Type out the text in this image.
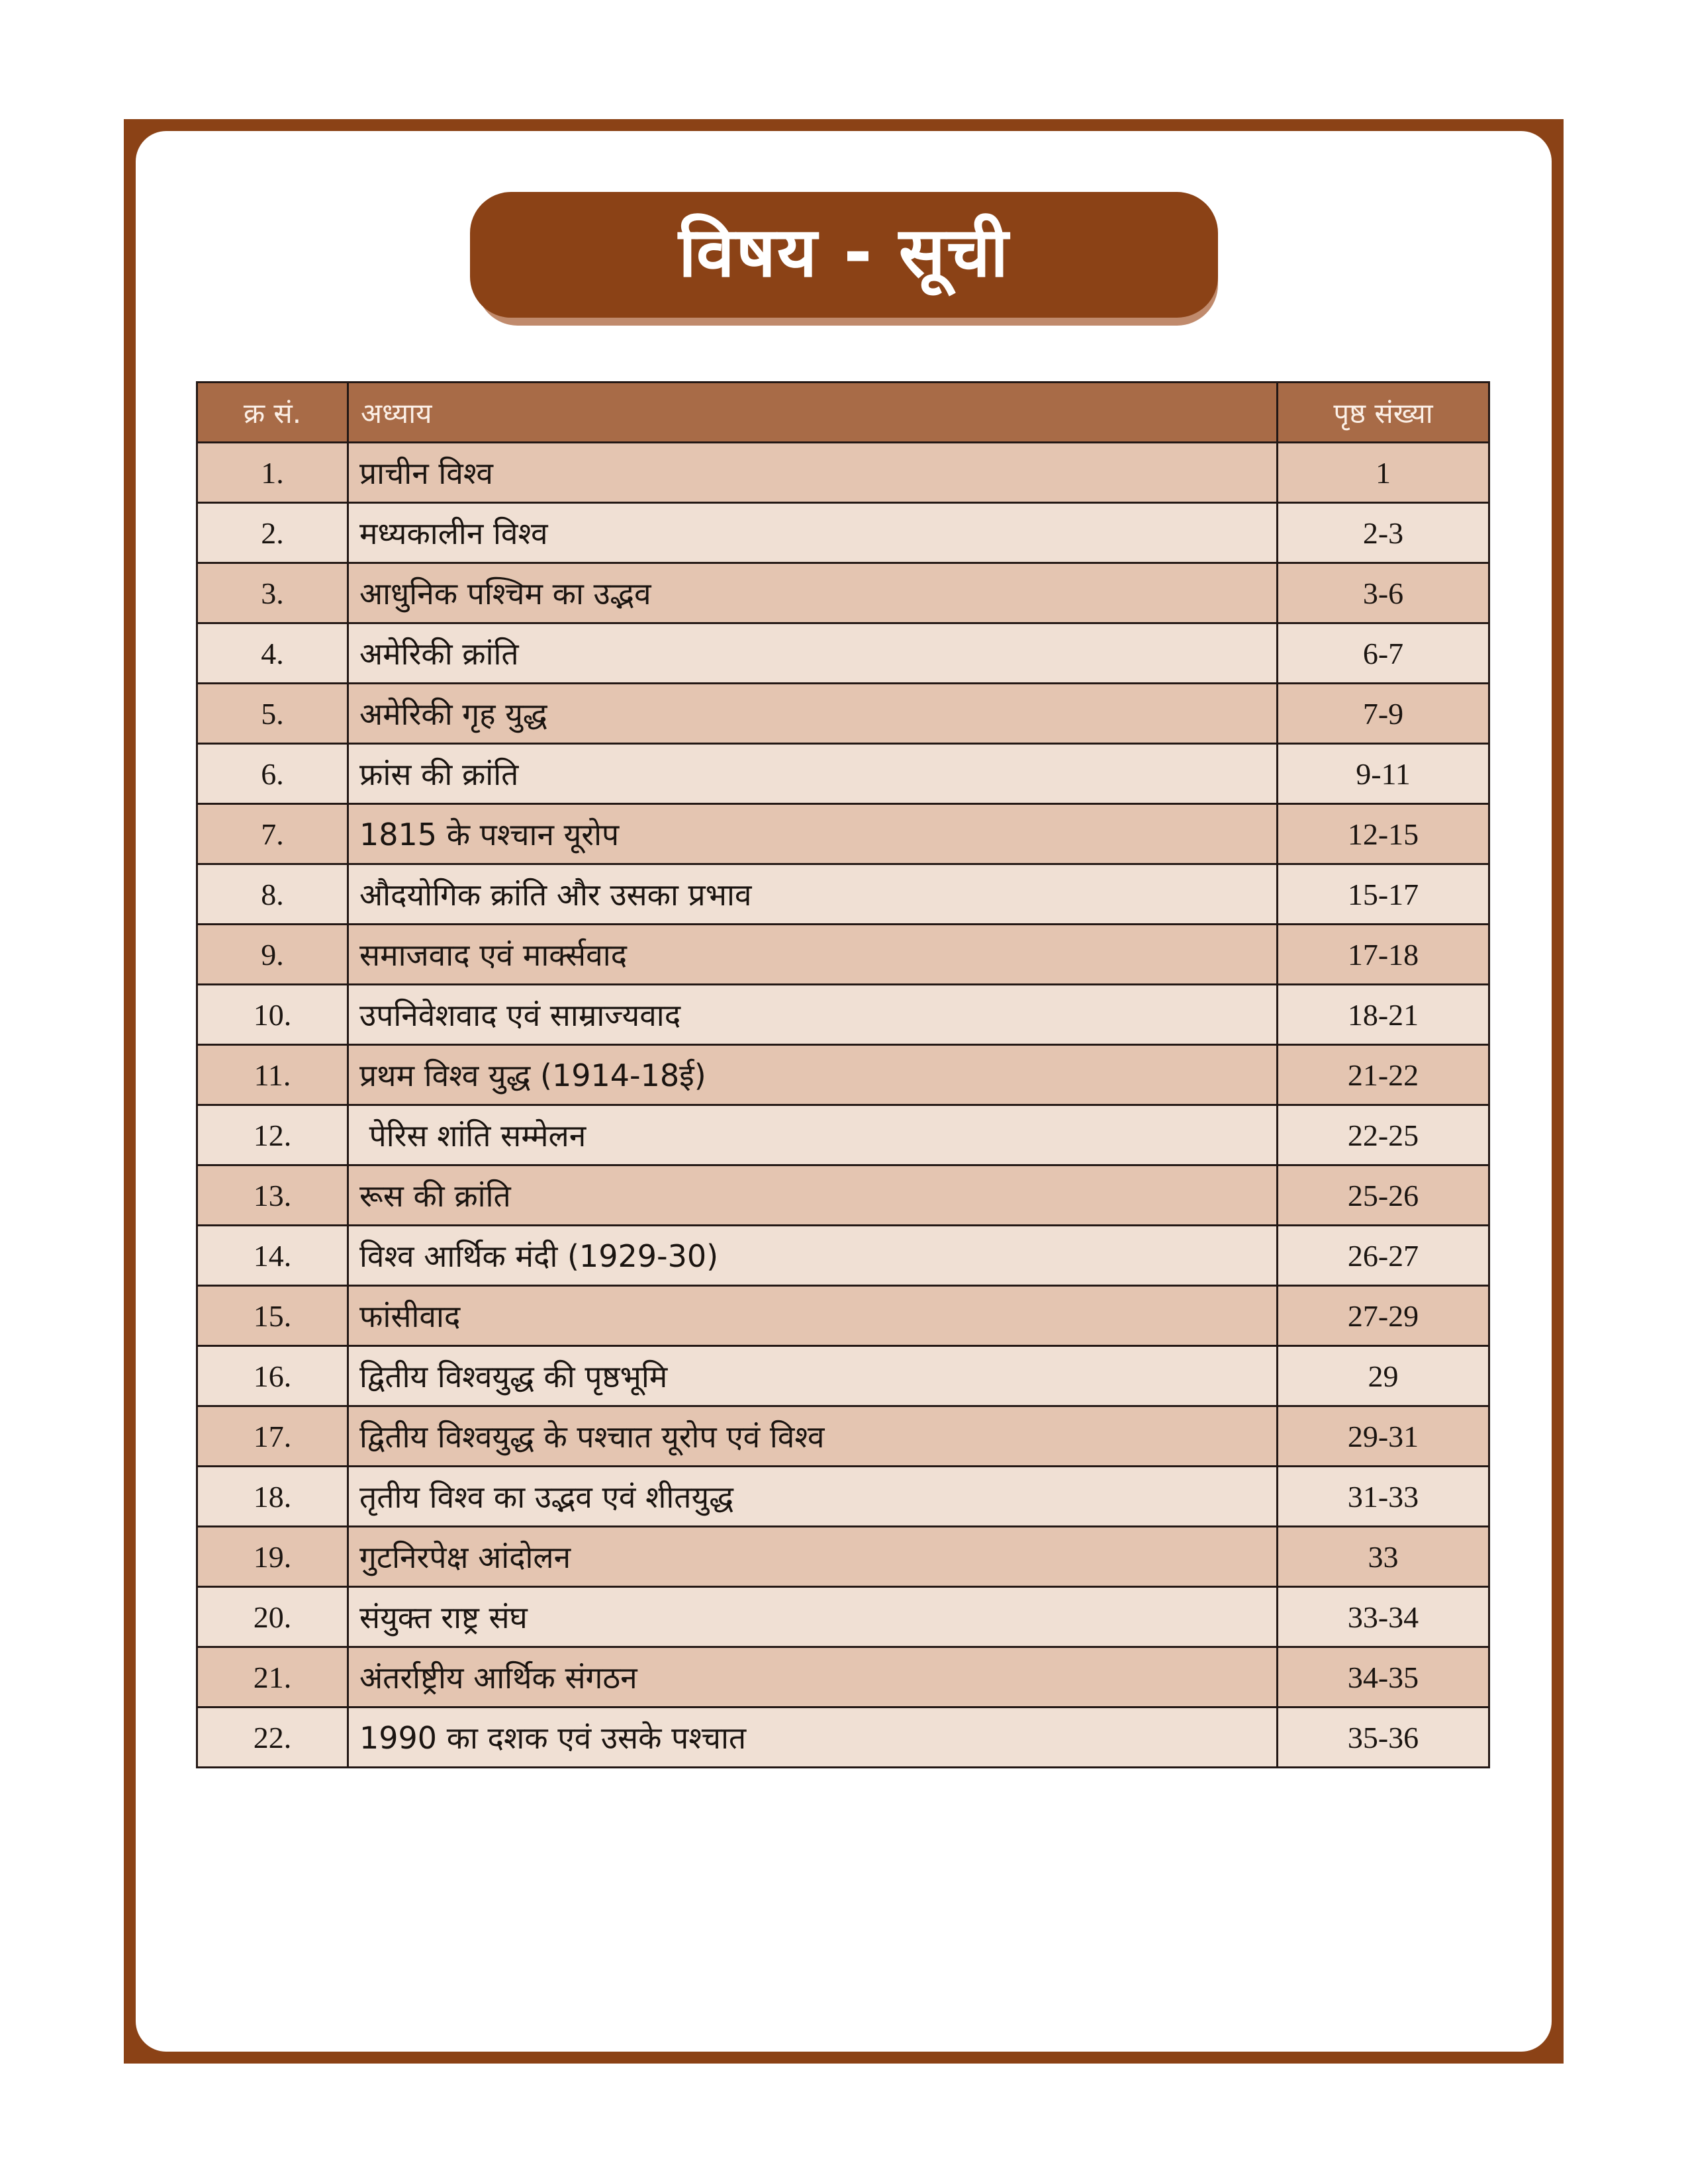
विषय - सूची
क्र सं.	अध्याय	पृष्ठ संख्या
1.	प्राचीन विश्व	1
2.	मध्यकालीन विश्व	2-3
3.	आधुनिक पश्चिम का उद्भव	3-6
4.	अमेरिकी क्रांति	6-7
5.	अमेरिकी गृह युद्ध	7-9
6.	फ्रांस की क्रांति	9-11
7.	1815 के पश्चान यूरोप	12-15
8.	औदयोगिक क्रांति और उसका प्रभाव	15-17
9.	समाजवाद एवं मार्क्सवाद	17-18
10.	उपनिवेशवाद एवं साम्राज्यवाद	18-21
11.	प्रथम विश्व युद्ध (1914-18ई)	21-22
12.	पेरिस शांति सम्मेलन	22-25
13.	रूस की क्रांति	25-26
14.	विश्व आर्थिक मंदी (1929-30)	26-27
15.	फांसीवाद	27-29
16.	द्वितीय विश्वयुद्ध की पृष्ठभूमि	29
17.	द्वितीय विश्वयुद्ध के पश्चात यूरोप एवं विश्व	29-31
18.	तृतीय विश्व का उद्भव एवं शीतयुद्ध	31-33
19.	गुटनिरपेक्ष आंदोलन	33
20.	संयुक्त राष्ट्र संघ	33-34
21.	अंतर्राष्ट्रीय आर्थिक संगठन	34-35
22.	1990 का दशक एवं उसके पश्चात	35-36
